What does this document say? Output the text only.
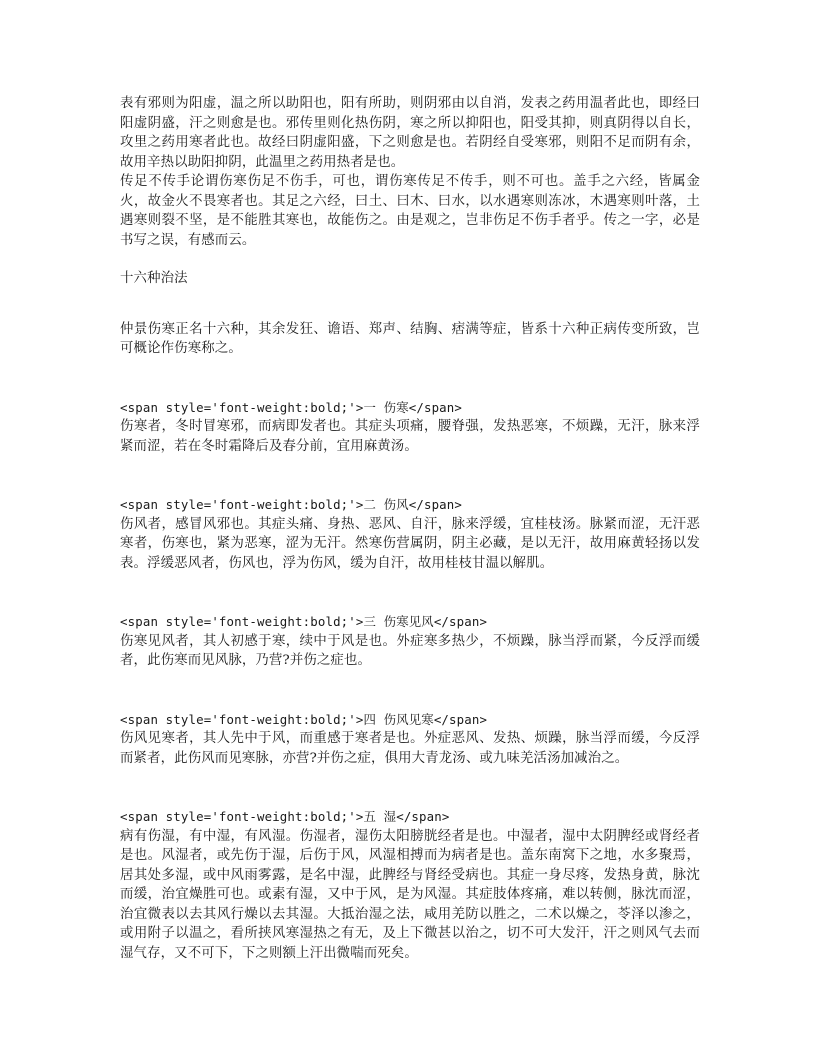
表有邪则为阳虚，温之所以助阳也，阳有所助，则阴邪由以自消，发表之药用温者此也，即经曰阳虚阴盛，汗之则愈是也。邪传里则化热伤阴，寒之所以抑阳也，阳受其抑，则真阴得以自长，攻里之药用寒者此也。故经曰阴虚阳盛，下之则愈是也。若阴经自受寒邪，则阳不足而阴有余，故用辛热以助阳抑阴，此温里之药用热者是也。

传足不传手论谓伤寒伤足不伤手，可也，谓伤寒传足不传手，则不可也。盖手之六经，皆属金火，故金火不畏寒者也。其足之六经，曰土、曰木、曰水，以水遇寒则冻冰，木遇寒则叶落，土遇寒则裂不坚，是不能胜其寒也，故能伤之。由是观之，岂非伤足不伤手者乎。传之一字，必是书写之误，有感而云。

十六种治法

仲景伤寒正名十六种，其余发狂、谵语、郑声、结胸、痞满等症，皆系十六种正病传变所致，岂可概论作伤寒称之。

<span style='font-weight:bold;'>一 伤寒</span>

伤寒者，冬时冒寒邪，而病即发者也。其症头项痛，腰脊强，发热恶寒，不烦躁，无汗，脉来浮紧而涩，若在冬时霜降后及春分前，宜用麻黄汤。

<span style='font-weight:bold;'>二 伤风</span>

伤风者，感冒风邪也。其症头痛、身热、恶风、自汗，脉来浮缓，宜桂枝汤。脉紧而涩，无汗恶寒者，伤寒也，紧为恶寒，涩为无汗。然寒伤营属阴，阴主必藏，是以无汗，故用麻黄轻扬以发表。浮缓恶风者，伤风也，浮为伤风，缓为自汗，故用桂枝甘温以解肌。

<span style='font-weight:bold;'>三 伤寒见风</span>

伤寒见风者，其人初感于寒，续中于风是也。外症寒多热少，不烦躁，脉当浮而紧，今反浮而缓者，此伤寒而见风脉，乃营?并伤之症也。

<span style='font-weight:bold;'>四 伤风见寒</span>

伤风见寒者，其人先中于风，而重感于寒者是也。外症恶风、发热、烦躁，脉当浮而缓，今反浮而紧者，此伤风而见寒脉，亦营?并伤之症，俱用大青龙汤、或九味羌活汤加减治之。

<span style='font-weight:bold;'>五 湿</span>

病有伤湿，有中湿，有风湿。伤湿者，湿伤太阳膀胱经者是也。中湿者，湿中太阴脾经或肾经者是也。风湿者，或先伤于湿，后伤于风，风湿相搏而为病者是也。盖东南窝下之地，水多聚焉，居其处多湿，或中风雨雾露，是名中湿，此脾经与肾经受病也。其症一身尽疼，发热身黄，脉沈而缓，治宜燥胜可也。或素有湿，又中于风，是为风湿。其症肢体疼痛，难以转侧，脉沈而涩，治宜微表以去其风行燥以去其湿。大抵治湿之法，咸用羌防以胜之，二术以燥之，苓泽以渗之，或用附子以温之，看所挟风寒湿热之有无，及上下微甚以治之，切不可大发汗，汗之则风气去而湿气存，又不可下，下之则额上汗出微喘而死矣。
